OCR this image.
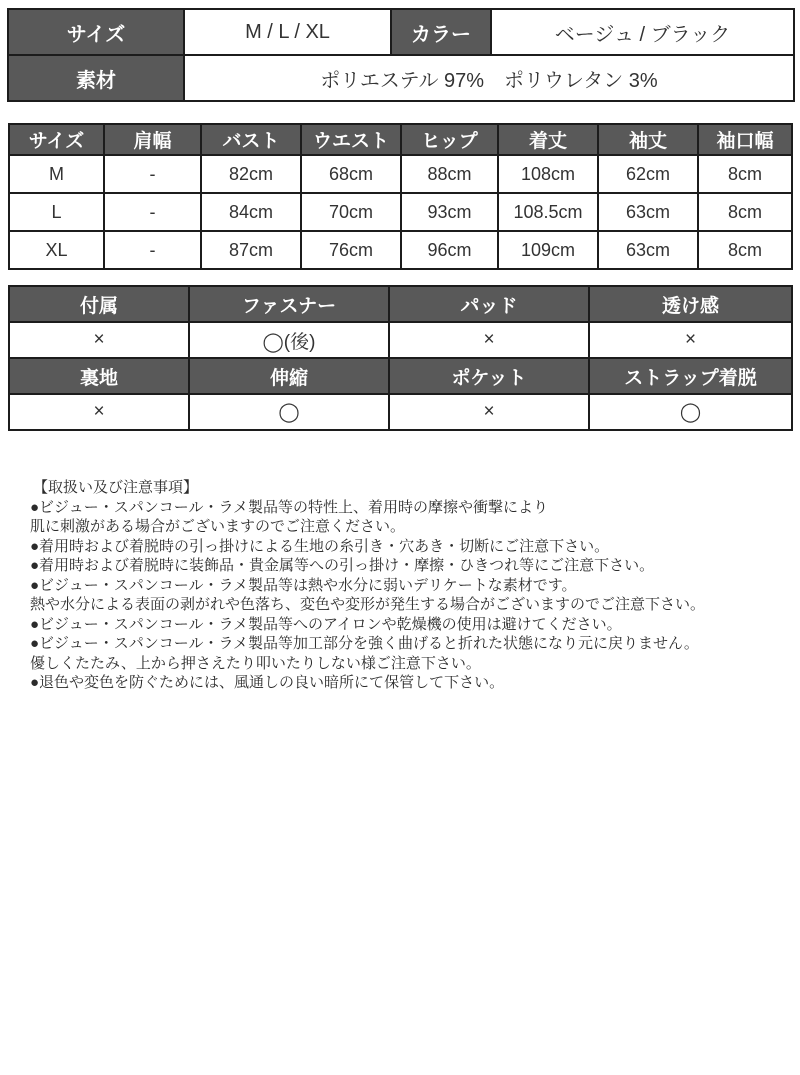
サイズ	M / L / XL	カラー	ベージュ / ブラック
素材	ポリエステル 97%　ポリウレタン 3%		
サイズ	肩幅	バスト	ウエスト	ヒップ	着丈	袖丈	袖口幅
M	-	82cm	68cm	88cm	108cm	62cm	8cm
L	-	84cm	70cm	93cm	108.5cm	63cm	8cm
XL	-	87cm	76cm	96cm	109cm	63cm	8cm
付属	ファスナー	パッド	透け感
×	◯(後)	×	×
裏地	伸縮	ポケット	ストラップ着脱
×	◯	×	◯
【取扱い及び注意事項】
●ビジュー・スパンコール・ラメ製品等の特性上、着用時の摩擦や衝撃により
肌に刺激がある場合がございますのでご注意ください。
●着用時および着脱時の引っ掛けによる生地の糸引き・穴あき・切断にご注意下さい。
●着用時および着脱時に装飾品・貴金属等への引っ掛け・摩擦・ひきつれ等にご注意下さい。
●ビジュー・スパンコール・ラメ製品等は熱や水分に弱いデリケートな素材です。
熱や水分による表面の剥がれや色落ち、変色や変形が発生する場合がございますのでご注意下さい。
●ビジュー・スパンコール・ラメ製品等へのアイロンや乾燥機の使用は避けてください。
●ビジュー・スパンコール・ラメ製品等加工部分を強く曲げると折れた状態になり元に戻りません。
優しくたたみ、上から押さえたり叩いたりしない様ご注意下さい。
●退色や変色を防ぐためには、風通しの良い暗所にて保管して下さい。
